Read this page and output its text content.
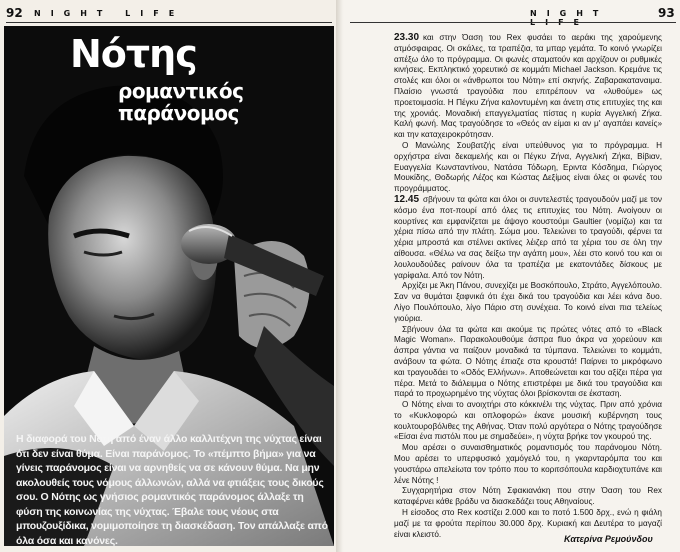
92 NIGHT LIFE
Η διαφορά του Νότη από έναν άλλο καλλιτέχνη της νύχτας είναι ότι δεν είναι θύμα. Είναι παράνομος. Το «πέμπτο βήμα» για να γίνεις παράνομος είναι να αρνηθείς να σε κάνουν θύμα. Να μην ακολουθείς τους νόμους άλλωνών, αλλά να φτιάξεις τους δικούς σου. Ο Νότης ως γνήσιος ρομαντικός παράνομος άλλαξε τη φύση της κοινωνίας της νύχτας. Έβαλε τους νέους στα μπουζουξίδικα, νομιμοποίησε τη διασκέδαση. Τον απάλλαξε από όλα όσα και κανόνες.
Νότης
ρομαντικός παράνομος
NIGHT	93

23.30 και στην Όαση του Rex φυσάει το αεράκι της χαρούμενης ατμόσφαιρας. Οι σκάλες, τα τραπέζια, τα μπαρ γεμάτα. Το κοινό γνωρίζει απέξω όλο το πρόγραμμα. Οι φωνές σταματούν και αρχίζουν οι ρυθμικές κινήσεις. Εκπληκτικό χορευτικό σε κομμάτι Michael Jackson. Κρεμάνε τις στολές και όλοι οι «άνθρωποι του Νότη» επί σκηνής. Ζαβαρακαταναιμα. Πλαίσιο γνωστά τραγούδια που επιτρέπουν να «λυθούμε» ως προετοιμασία. Η Πέγκυ Ζήνα καλοντυμένη και άνετη στις επιτυχίες της και της χρονιάς. Μοναδική επαγγελματίας πίστας η κυρία Αγγελική Ζήκα. Καλή φωνή. Μας τραγούδησε το «Θεός αν είμαι κι αν μ' αγαπάει κανείς» και την καταχειροκρότησαν.

Ο Μανώλης Σουβατζής είναι υπεύθυνος για το πρόγραμμα. Η ορχήστρα είναι δεκαμελής και οι Πέγκυ Ζήνα, Αγγελική Ζήκα, Βίβιαν, Ευαγγελία Κωνσταντίνου, Νατάσα Τόδωρη, Εριντα Κόσδημα, Γιώργος Μουκίδης, Θοδωρής Λέζος και Κώστας Δεξίμος είναι όλες οι φωνές του προγράμματος.

12.45 σβήνουν τα φώτα και όλοι οι συντελεστές τραγουδούν μαζί με τον κόσμο ένα ποτ-πουρί από όλες τις επιτυχίες του Νότη. Ανοίγουν οι κουρτίνες και εμφανίζεται με άψογο κουστούμι Gaultier (νομίζω) και τα χέρια πίσω από την πλάτη. Σώμα μου. Τελειώνει το τραγούδι, φέρνει τα χέρια μπροστά και στέλνει ακτίνες λέιζερ από τα χέρια του σε όλη την αίθουσα. «Θέλω να σας δείξω την αγάπη μου», λέει στο κοινό του και οι λουλουδούδες ραίνουν όλα τα τραπέζια με εκατοντάδες δίσκους με γαρίφαλα. Από τον Νότη.

Αρχίζει με Άκη Πάνου, συνεχίζει με Βοσκόπουλο, Στράτο, Αγγελόπουλο. Σαν να θυμάται ξαφνικά ότι έχει δικά του τραγούδια και λέει κάνα δυο. Λίγο Πουλόπουλο, λίγο Πάριο στη συνέχεια. Το κοινό είναι πια τελείως γιούρια.

Σβήνουν όλα τα φώτα και ακούμε τις πρώτες νότες από το «Black Magic Woman». Παρακολουθούμε άσπρα fluo άκρα να χορεύουν και άσπρα γάντια να παίζουν μοναδικά τα τύμπανα. Τελειώνει το κομμάτι, ανάβουν τα φώτα. Ο Νότης έπιαζε στα κρουστά! Παίρνει το μικρόφωνο και τραγουδάει το «Οδός Ελλήνων». Αποθεώνεται και του αξίζει πέρα για πέρα. Μετά το διάλειμμα ο Νότης επιστρέφει με δικά του τραγούδια και παρά το προχωρημένο της νύχτας όλοι βρίσκονται σε έκσταση.

Ο Νότης είναι το ανοιχτήρι στο κόκκινέλι της νύχτας. Πριν από χρόνια το «Κυκλοφορώ και οπλοφορώ» έκανε μουσική κυβέρνηση τους κουλτουροβόλιθες της Αθήνας. Όταν πολύ αργότερα ο Νότης τραγούδησε «Είσαι ένα πιστόλι που με σημαδεύει», η νύχτα βρήκε τον γκουρού της.

Μου αρέσει ο συναισθηματικός ρομαντισμός του παράνομου Νότη. Μου αρέσει το υπερφυσικό χαμόγελό του, η γκαρνταρόμπα του και γουστάρω απελείωτα τον τρόπο που το κοριτσόπουλα καρδιοχτυπάνε και λένε Νότης !

Συγχαρητήρια στον Νότη Σφακιανάκη που στην Όαση του Rex καταφέρνει κάθε βράδυ να διασκεδάζει τους Αθηναίους.

Η είσοδος στο Rex κοστίζει 2.000 και το ποτό 1.500 δρχ., ενώ η φιάλη μαζί με τα φρούτα περίπου 30.000 δρχ. Κυριακή και Δευτέρα το μαγαζί είναι κλειστό.	Κατερίνα Ρεμούνδου
